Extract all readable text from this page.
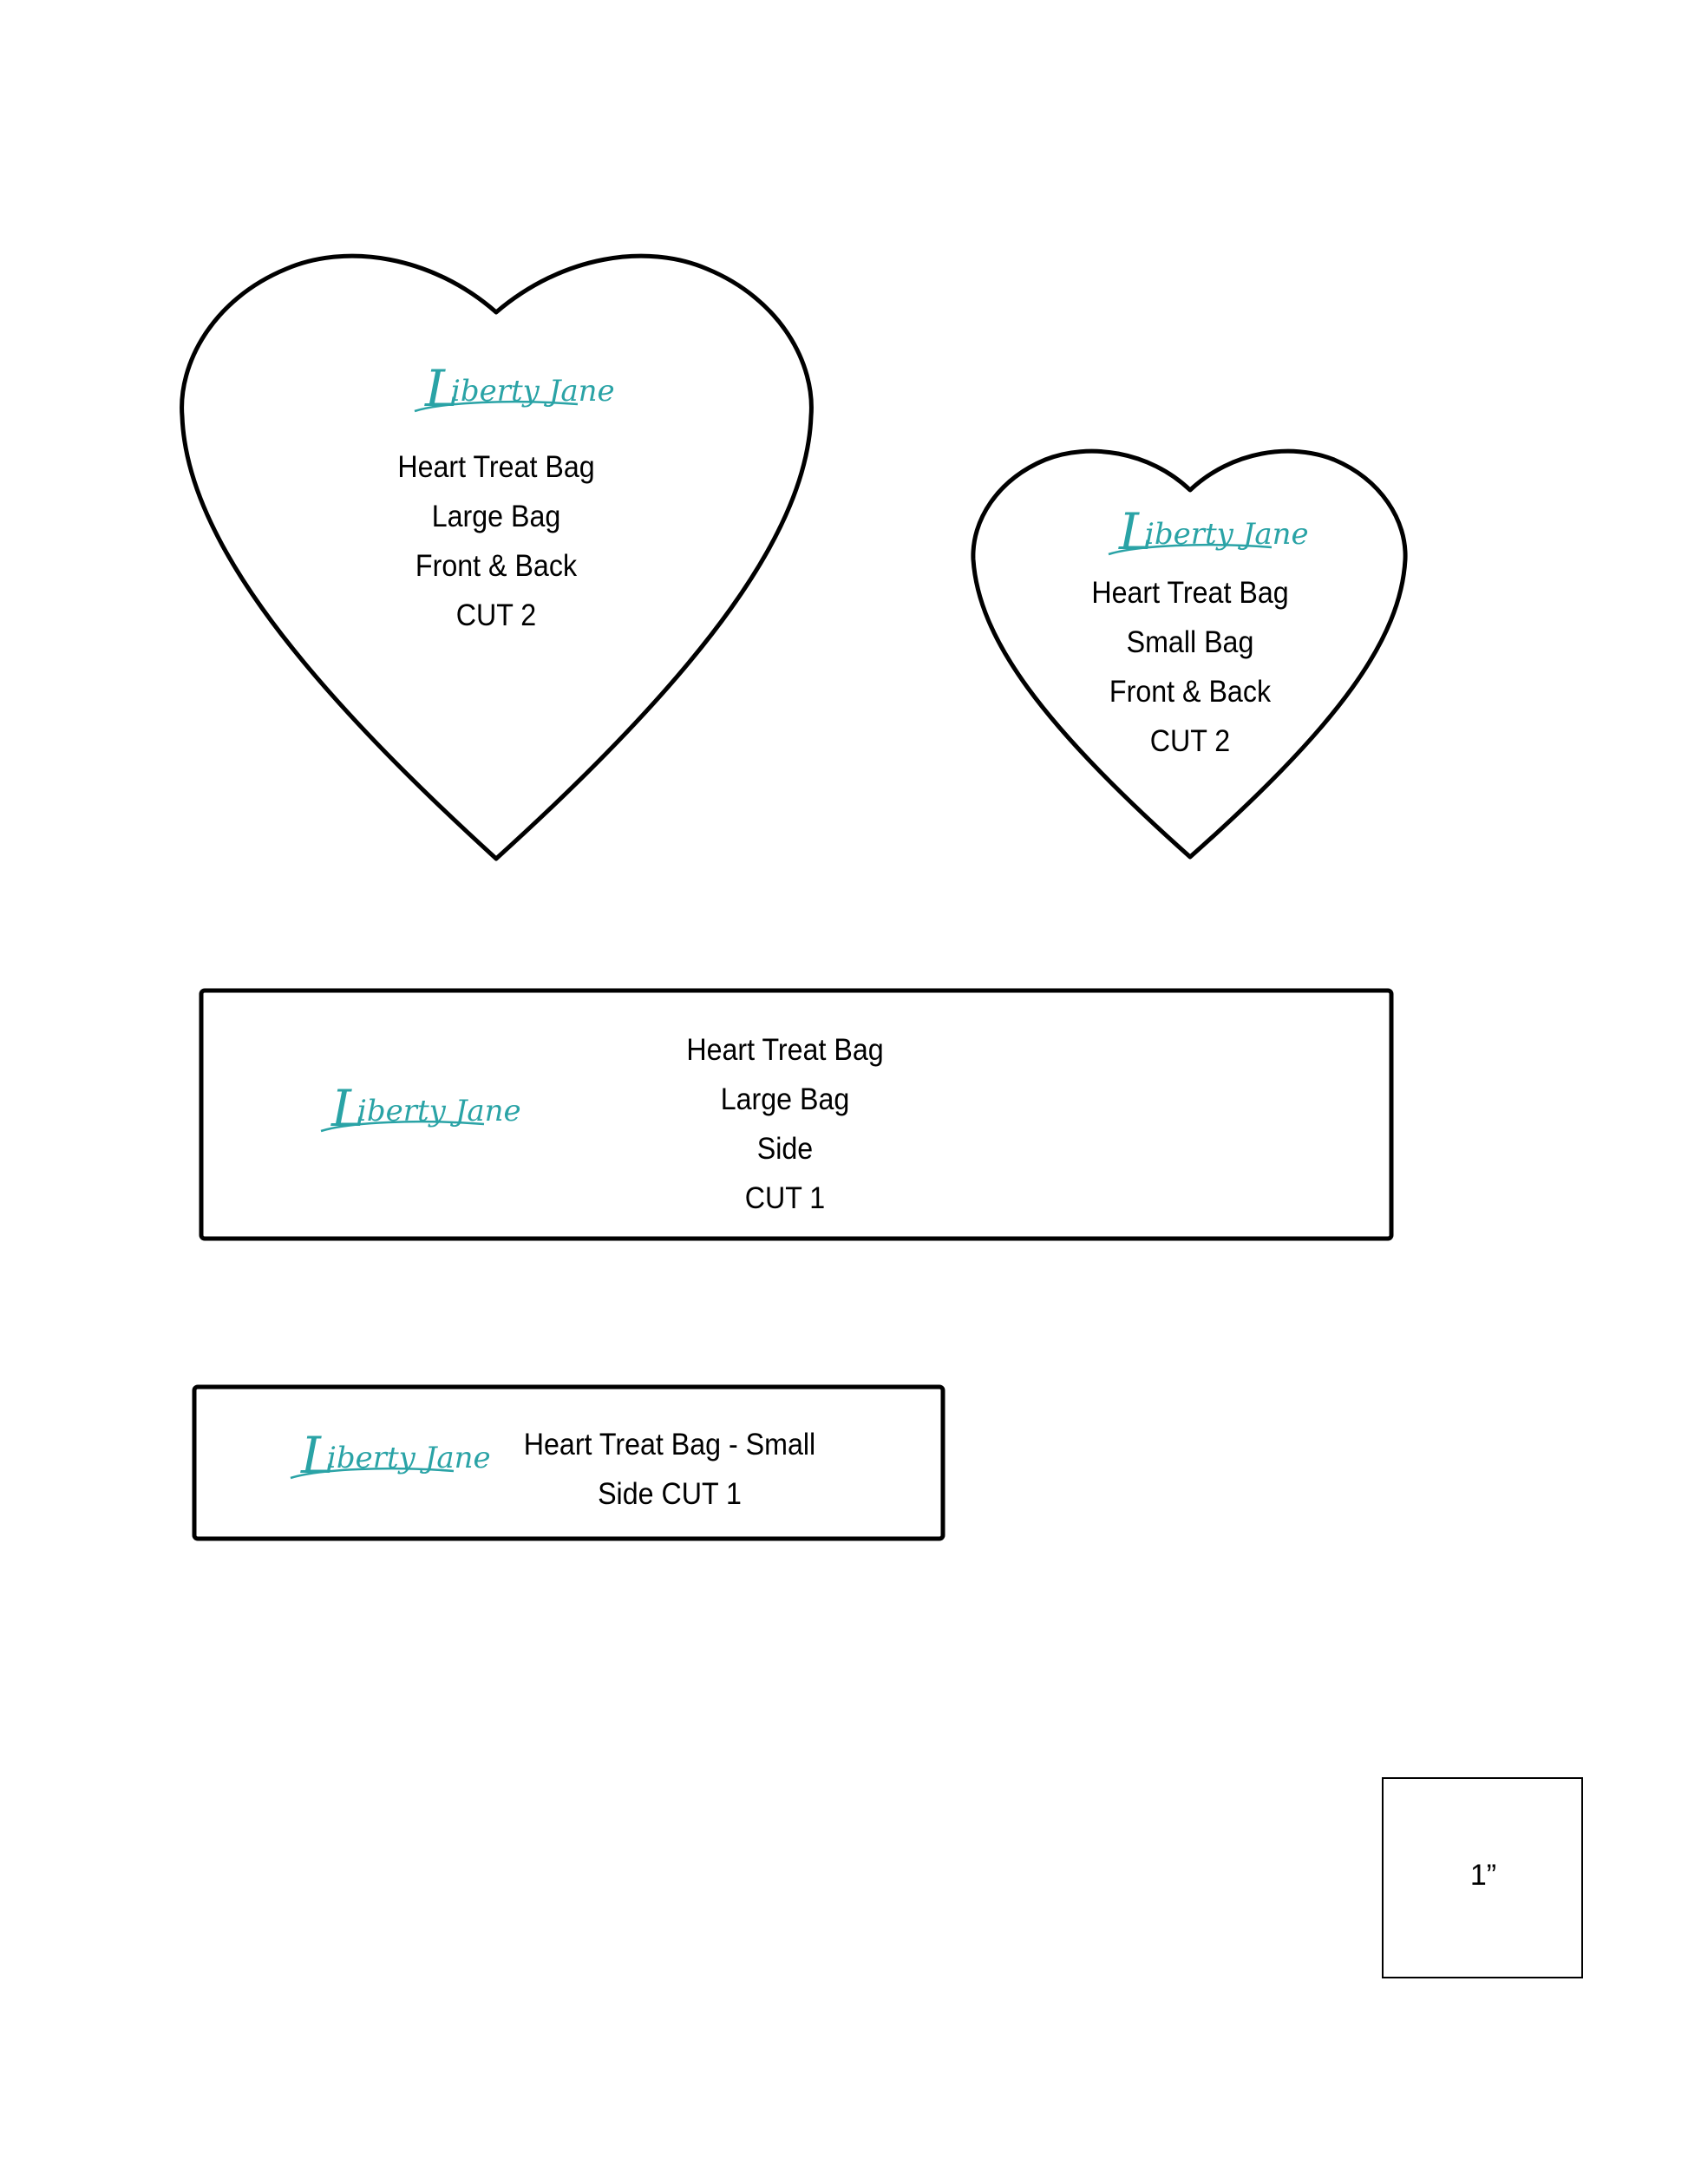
L
iberty Jane
L
iberty Jane
L
iberty Jane
L
iberty Jane
Heart Treat Bag
Large Bag
Front & Back
CUT 2
Heart Treat Bag
Small Bag
Front & Back
CUT 2
Heart Treat Bag
Large Bag
Side
CUT 1
Heart Treat Bag - Small
Side CUT 1
1”
